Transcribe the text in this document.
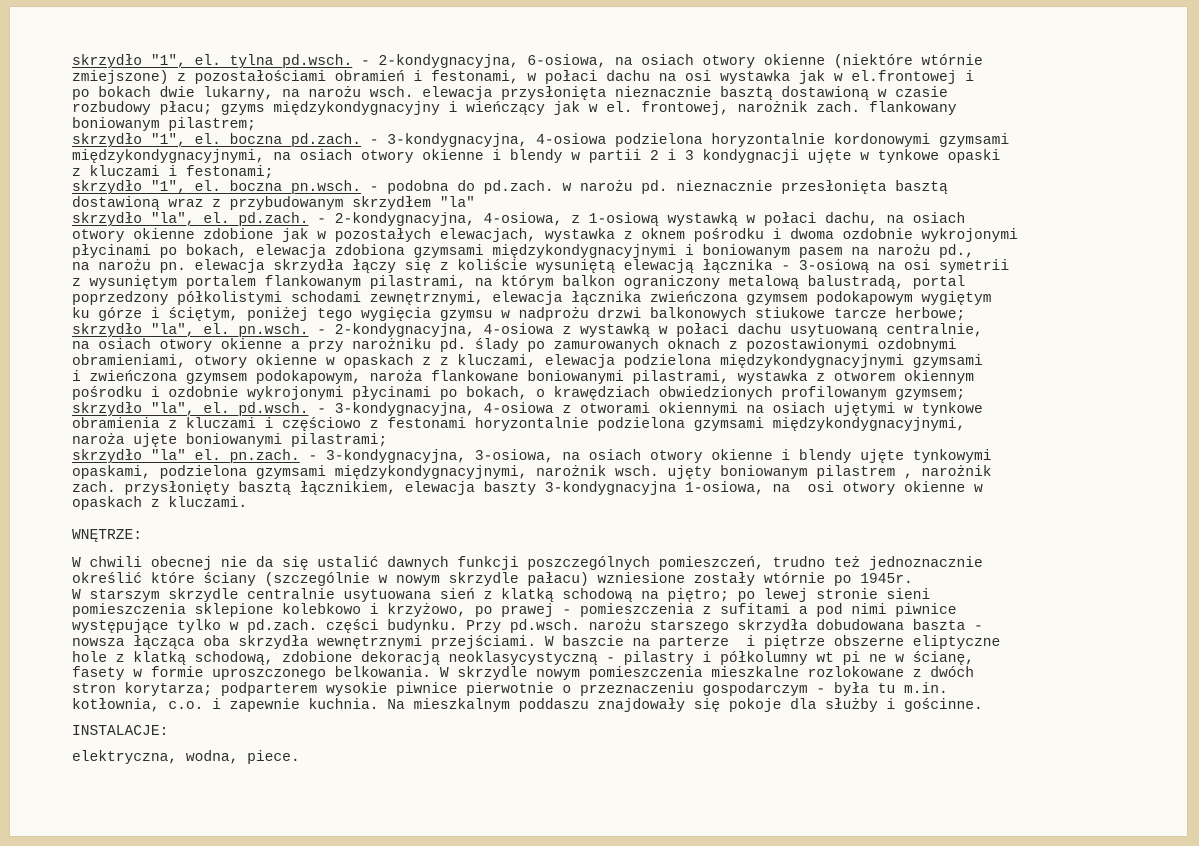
skrzydło "1", el. tylna pd.wsch. - 2-kondygnacyjna, 6-osiowa, na osiach otwory okienne (niektóre wtórnie
zmiejszone) z pozostałościami obramień i festonami, w połaci dachu na osi wystawka jak w el.frontowej i
po bokach dwie lukarny, na narożu wsch. elewacja przysłonięta nieznacznie basztą dostawioną w czasie
rozbudowy płacu; gzyms międzykondygnacyjny i wieńczący jak w el. frontowej, narożnik zach. flankowany
boniowanym pilastrem;
skrzydło "1", el. boczna pd.zach. - 3-kondygnacyjna, 4-osiowa podzielona horyzontalnie kordonowymi gzymsami
międzykondygnacyjnymi, na osiach otwory okienne i blendy w partii 2 i 3 kondygnacji ujęte w tynkowe opaski
z kluczami i festonami;
skrzydło "1", el. boczna pn.wsch. - podobna do pd.zach. w narożu pd. nieznacznie przesłonięta basztą
dostawioną wraz z przybudowanym skrzydłem "la"
skrzydło "la", el. pd.zach. - 2-kondygnacyjna, 4-osiowa, z 1-osiową wystawką w połaci dachu, na osiach
otwory okienne zdobione jak w pozostałych elewacjach, wystawka z oknem pośrodku i dwoma ozdobnie wykrojonymi
płycinami po bokach, elewacja zdobiona gzymsami międzykondygnacyjnymi i boniowanym pasem na narożu pd.,
na narożu pn. elewacja skrzydła łączy się z koliście wysuniętą elewacją łącznika - 3-osiową na osi symetrii
z wysuniętym portalem flankowanym pilastrami, na którym balkon ograniczony metalową balustradą, portal
poprzedzony półkolistymi schodami zewnętrznymi, elewacja łącznika zwieńczona gzymsem podokapowym wygiętym
ku górze i ściętym, poniżej tego wygięcia gzymsu w nadprożu drzwi balkonowych stiukowe tarcze herbowe;
skrzydło "la", el. pn.wsch. - 2-kondygnacyjna, 4-osiowa z wystawką w połaci dachu usytuowaną centralnie,
na osiach otwory okienne a przy narożniku pd. ślady po zamurowanych oknach z pozostawionymi ozdobnymi
obramieniami, otwory okienne w opaskach z z kluczami, elewacja podzielona międzykondygnacyjnymi gzymsami
i zwieńczona gzymsem podokapowym, naroża flankowane boniowanymi pilastrami, wystawka z otworem okiennym
pośrodku i ozdobnie wykrojonymi płycinami po bokach, o krawędziach obwiedzionych profilowanym gzymsem;
skrzydło "la", el. pd.wsch. - 3-kondygnacyjna, 4-osiowa z otworami okiennymi na osiach ujętymi w tynkowe
obramienia z kluczami i częściowo z festonami horyzontalnie podzielona gzymsami międzykondygnacyjnymi,
naroża ujęte boniowanymi pilastrami;
skrzydło "la" el. pn.zach. - 3-kondygnacyjna, 3-osiowa, na osiach otwory okienne i blendy ujęte tynkowymi
opaskami, podzielona gzymsami międzykondygnacyjnymi, narożnik wsch. ujęty boniowanym pilastrem , narożnik
zach. przysłonięty basztą łącznikiem, elewacja baszty 3-kondygnacyjna 1-osiowa, na  osi otwory okienne w
opaskach z kluczami.
WNĘTRZE:
W chwili obecnej nie da się ustalić dawnych funkcji poszczególnych pomieszczeń, trudno też jednoznacznie
określić które ściany (szczególnie w nowym skrzydle pałacu) wzniesione zostały wtórnie po 1945r.
W starszym skrzydle centralnie usytuowana sień z klatką schodową na piętro; po lewej stronie sieni
pomieszczenia sklepione kolebkowo i krzyżowo, po prawej - pomieszczenia z sufitami a pod nimi piwnice
występujące tylko w pd.zach. części budynku. Przy pd.wsch. narożu starszego skrzydła dobudowana baszta -
nowsza łącząca oba skrzydła wewnętrznymi przejściami. W baszcie na parterze  i piętrze obszerne eliptyczne
hole z klatką schodową, zdobione dekoracją neoklasycystyczną - pilastry i półkolumny wt pi ne w ścianę,
fasety w formie uproszczonego belkowania. W skrzydle nowym pomieszczenia mieszkalne rozlokowane z dwóch
stron korytarza; podparterem wysokie piwnice pierwotnie o przeznaczeniu gospodarczym - była tu m.in.
kotłownia, c.o. i zapewnie kuchnia. Na mieszkalnym poddaszu znajdowały się pokoje dla służby i gościnne.
INSTALACJE:
elektryczna, wodna, piece.
